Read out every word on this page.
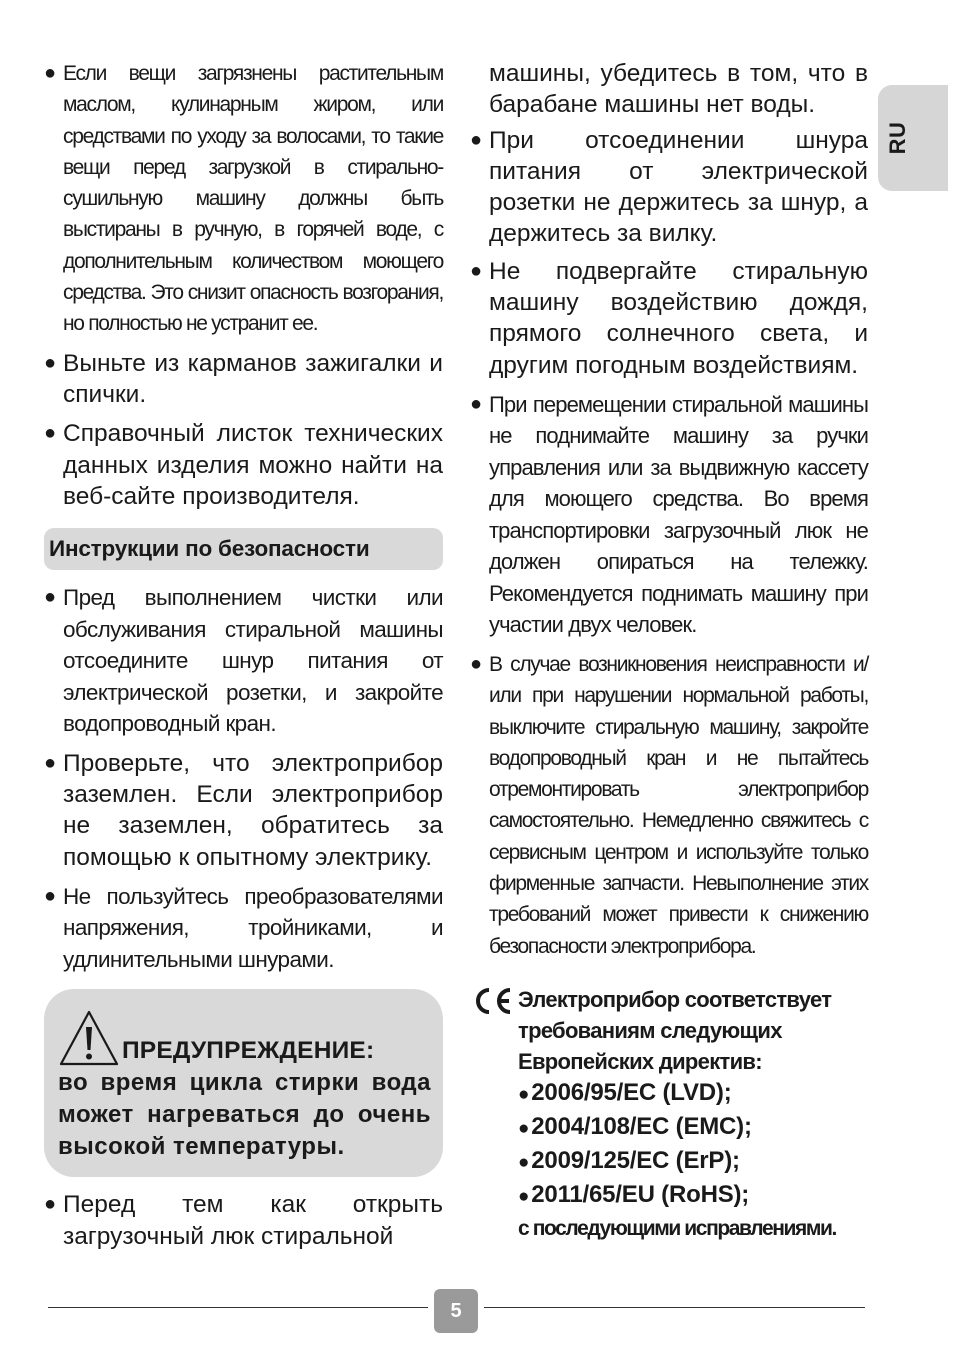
RU
● Если вещи загрязнены растительным маслом, кулинарным жиром, или средствами по уходу за волосами, то такие вещи перед загрузкой в стирально-сушильную машину должны быть выстираны в ручную, в горячей воде, с дополнительным количеством моющего средства. Это снизит опасность возгорания, но полностью не устранит ее.
● Выньте из карманов зажигалки и спички.
● Справочный листок технических данных изделия можно найти на веб-сайте производителя.
Инструкции по безопасности
● Пред выполнением чистки или обслуживания стиральной машины отсоедините шнур питания от электрической розетки, и закройте водопроводный кран.
● Проверьте, что электроприбор заземлен. Если электроприбор не заземлен, обратитесь за помощью к опытному электрику.
● Не пользуйтесь преобразователями напряжения, тройниками, и удлинительными шнурами.
ПРЕДУПРЕЖДЕНИЕ:
во время цикла стирки вода может нагреваться до очень высокой температуры.
● Перед тем как открыть загрузочный люк стиральной
машины, убедитесь в том, что в барабане машины нет воды.
● При отсоединении шнура питания от электрической розетки не держитесь за шнур, а держитесь за вилку.
● Не подвергайте стиральную машину воздействию дождя, прямого солнечного света, и другим погодным воздействиям.
● При перемещении стиральной машины не поднимайте машину за ручки управления или за выдвижную кассету для моющего средства. Во время транспортировки загрузочный люк не должен опираться на тележку. Рекомендуется поднимать машину при участии двух человек.
● В случае возникновения неисправности и/или при нарушении нормальной работы, выключите стиральную машину, закройте водопроводный кран и не пытайтесь отремонтировать электроприбор самостоятельно. Немедленно свяжитесь с сервисным центром и используйте только фирменные запчасти. Невыполнение этих требований может привести к снижению безопасности электроприбора.
Электроприбор соответствует требованиям следующих Европейских директив:
●2006/95/EC (LVD);
●2004/108/EC (EMC);
●2009/125/EC (ErP);
●2011/65/EU (RoHS);
с последующими исправлениями.
5
